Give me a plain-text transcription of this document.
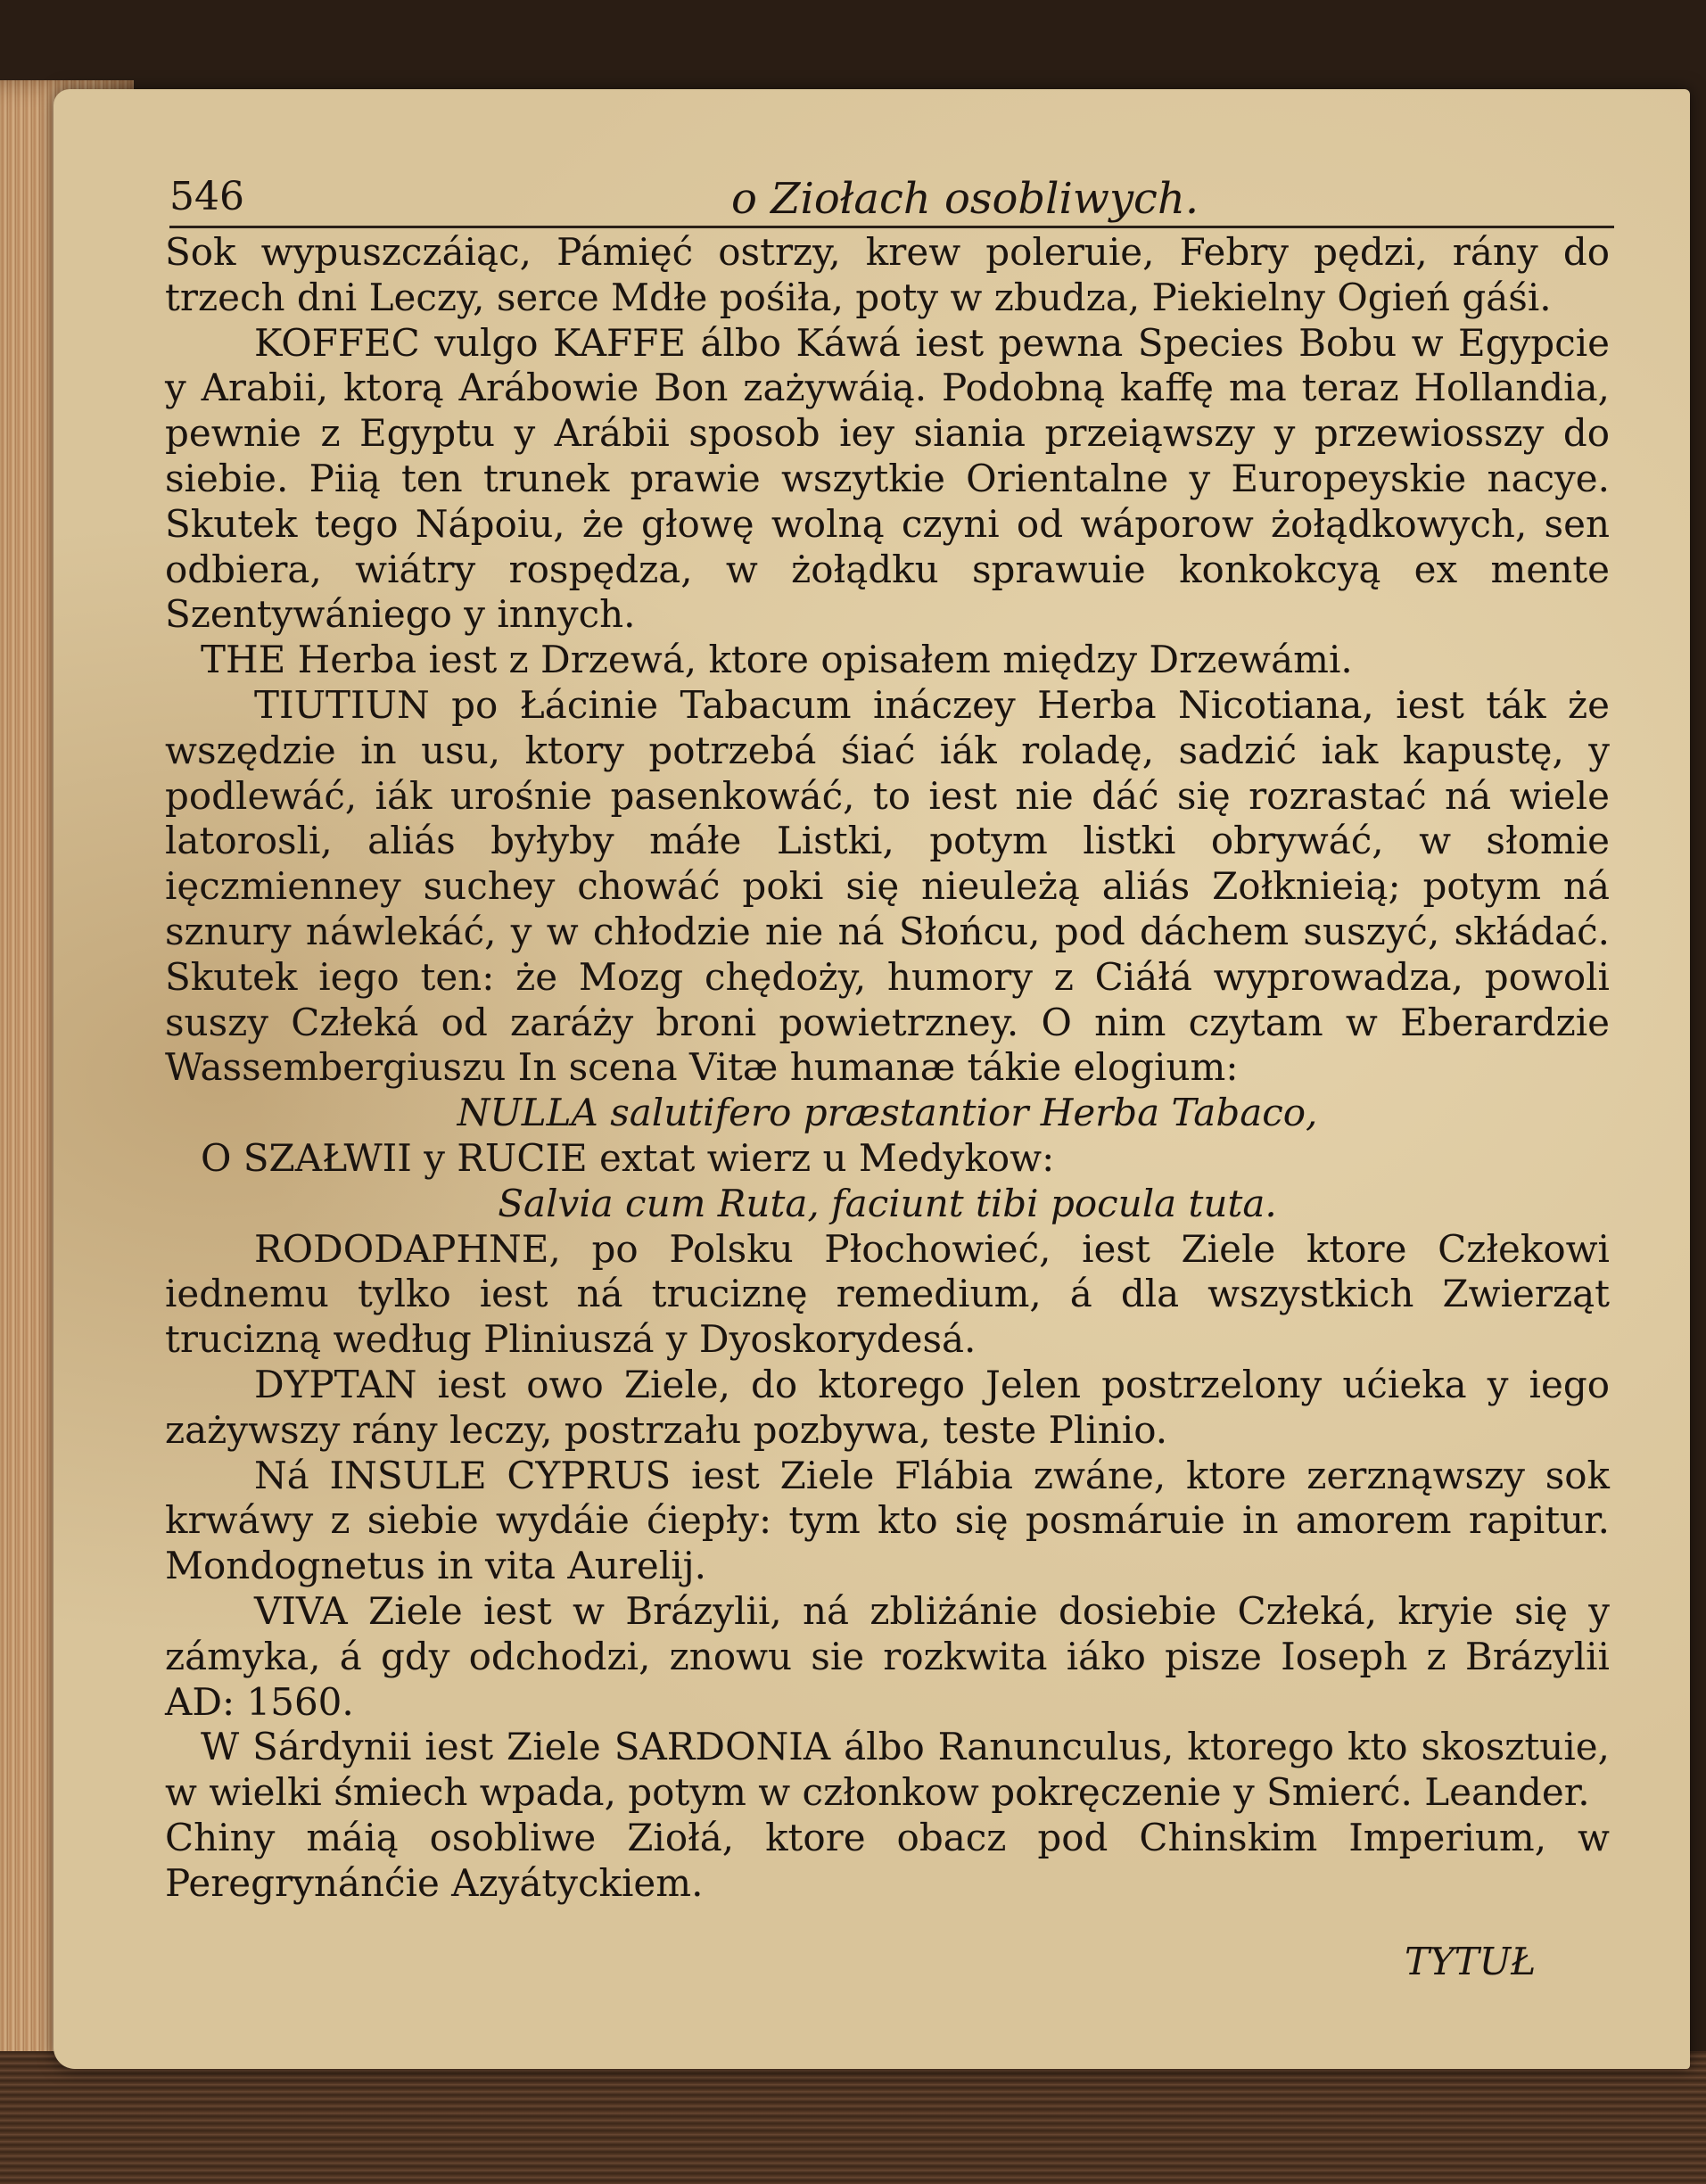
546	o Ziołach osobliwych.

Sok wypuszczáiąc, Pámięć ostrzy, krew poleruie, Febry pędzi, rány do trzech dni Leczy, serce Mdłe pośiła, poty w zbudza, Piekielny Ogień gáśi.

KOFFEC vulgo KAFFE álbo Káwá iest pewna Species Bobu w Egypcie y Arabii, ktorą Arábowie Bon zażywáią. Podobną kaffę ma teraz Hollandia, pewnie z Egyptu y Arábii sposob iey siania przeiąwszy y przewiosszy do siebie. Piią ten trunek prawie wszytkie Orientalne y Europeyskie nacye. Skutek tego Nápoiu, że głowę wolną czyni od wáporow żołądkowych, sen odbiera, wiátry rospędza, w żołądku sprawuie konkokcyą ex mente Szentywániego y innych.

THE Herba iest z Drzewá, ktore opisałem między Drzewámi.

TIUTIUN po Łácinie Tabacum ináczey Herba Nicotiana, iest ták że wszędzie in usu, ktory potrzebá śiać iák roladę, sadzić iak kapustę, y podlewáć, iák urośnie pasenkowáć, to iest nie dáć się rozrastać ná wiele latorosli, aliás byłyby máłe Listki, potym listki obrywáć, w słomie ięczmienney suchey chowáć poki się nieuleżą aliás Zołknieią; potym ná sznury náwlekáć, y w chłodzie nie ná Słońcu, pod dáchem suszyć, skłádać. Skutek iego ten: że Mozg chędoży, humory z Ciáłá wyprowadza, powoli suszy Człeká od zaráży broni powietrzney. O nim czytam w Eberardzie Wassembergiuszu In scena Vitæ humanæ tákie elogium:

NULLA salutifero præstantior Herba Tabaco,

O SZAŁWII y RUCIE extat wierz u Medykow:

Salvia cum Ruta, faciunt tibi pocula tuta.

RODODAPHNE, po Polsku Płochowieć, iest Ziele ktore Człekowi iednemu tylko iest ná truciznę remedium, á dla wszystkich Zwierząt trucizną według Pliniuszá y Dyoskorydesá.

DYPTAN iest owo Ziele, do ktorego Jelen postrzelony ućieka y iego zażywszy rány leczy, postrzału pozbywa, teste Plinio.

Ná INSULE CYPRUS iest Ziele Flábia zwáne, ktore zerznąwszy sok krwáwy z siebie wydáie ćiepły: tym kto się posmáruie in amorem rapitur. Mondognetus in vita Aurelij.

VIVA Ziele iest w Brázylii, ná zbliżánie dosiebie Człeká, kryie się y zámyka, á gdy odchodzi, znowu sie rozkwita iáko pisze Ioseph z Brázylii AD: 1560.

W Sárdynii iest Ziele SARDONIA álbo Ranunculus, ktorego kto skosztuie, w wielki śmiech wpada, potym w członkow pokręczenie y Smierć. Leander.

Chiny máią osobliwe Ziołá, ktore obacz pod Chinskim Imperium, w Peregrynánćie Azyátyckiem.

TYTUŁ
